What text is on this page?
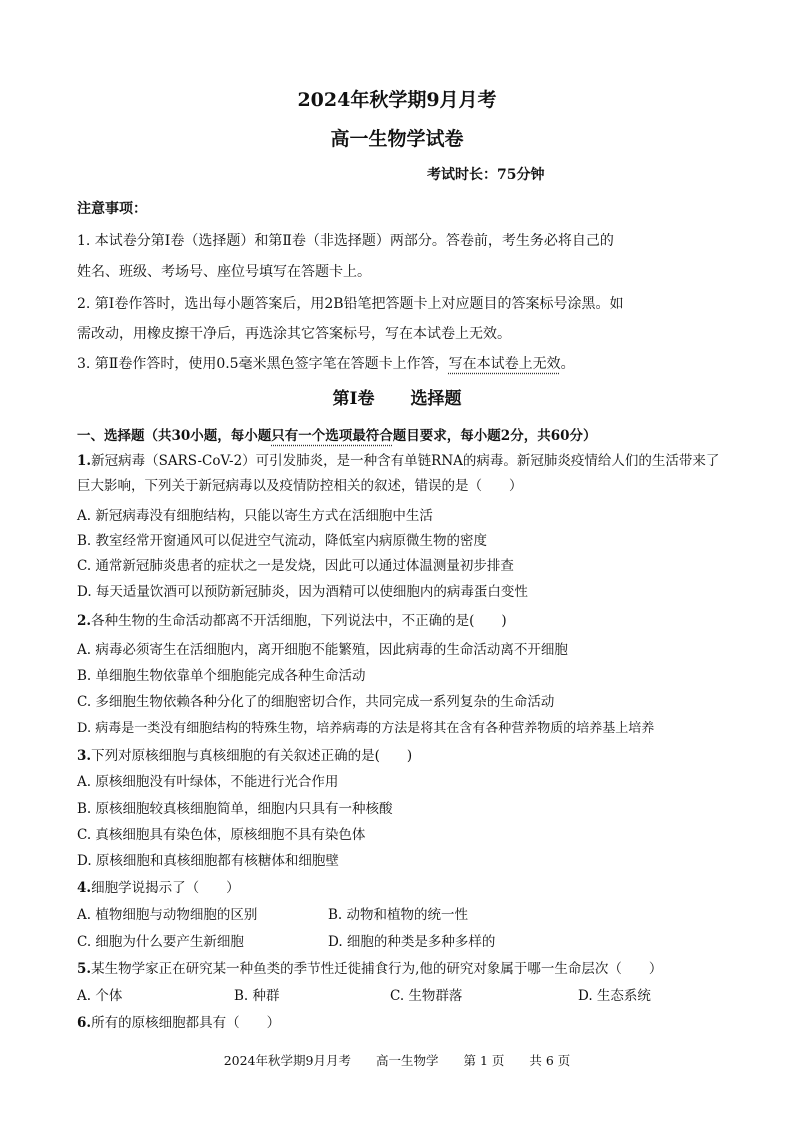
2024年秋学期9月月考
高一生物学试卷
考试时长：75分钟
注意事项：
1. 本试卷分第Ⅰ卷（选择题）和第Ⅱ卷（非选择题）两部分。答卷前，考生务必将自己的
姓名、班级、考场号、座位号填写在答题卡上。
2. 第Ⅰ卷作答时，选出每小题答案后，用2B铅笔把答题卡上对应题目的答案标号涂黑。如
需改动，用橡皮擦干净后，再选涂其它答案标号，写在本试卷上无效。
3. 第Ⅱ卷作答时，使用0.5毫米黑色签字笔在答题卡上作答，写在本试卷上无效。
第Ⅰ卷 选择题
一、选择题（共30小题，每小题只有一个选项最符合题目要求，每小题2分，共60分）
1.新冠病毒（SARS-CoV-2）可引发肺炎，是一种含有单链RNA的病毒。新冠肺炎疫情给人们的生活带来了
巨大影响，下列关于新冠病毒以及疫情防控相关的叙述，错误的是（　　）
A. 新冠病毒没有细胞结构，只能以寄生方式在活细胞中生活
B. 教室经常开窗通风可以促进空气流动，降低室内病原微生物的密度
C. 通常新冠肺炎患者的症状之一是发烧，因此可以通过体温测量初步排查
D. 每天适量饮酒可以预防新冠肺炎，因为酒精可以使细胞内的病毒蛋白变性
2.各种生物的生命活动都离不开活细胞，下列说法中，不正确的是(　　)
A. 病毒必须寄生在活细胞内，离开细胞不能繁殖，因此病毒的生命活动离不开细胞
B. 单细胞生物依靠单个细胞能完成各种生命活动
C. 多细胞生物依赖各种分化了的细胞密切合作，共同完成一系列复杂的生命活动
D. 病毒是一类没有细胞结构的特殊生物，培养病毒的方法是将其在含有各种营养物质的培养基上培养
3.下列对原核细胞与真核细胞的有关叙述正确的是(　　)
A. 原核细胞没有叶绿体，不能进行光合作用
B. 原核细胞较真核细胞简单，细胞内只具有一种核酸
C. 真核细胞具有染色体，原核细胞不具有染色体
D. 原核细胞和真核细胞都有核糖体和细胞壁
4.细胞学说揭示了（　　）
A. 植物细胞与动物细胞的区别	B. 动物和植物的统一性
C. 细胞为什么要产生新细胞	D. 细胞的种类是多种多样的
5.某生物学家正在研究某一种鱼类的季节性迁徙捕食行为,他的研究对象属于哪一生命层次（　　）
A. 个体	B. 种群	C. 生物群落	D. 生态系统
6.所有的原核细胞都具有（　　）
2024年秋学期9月月考　　高一生物学　　第 1 页　　共 6 页
